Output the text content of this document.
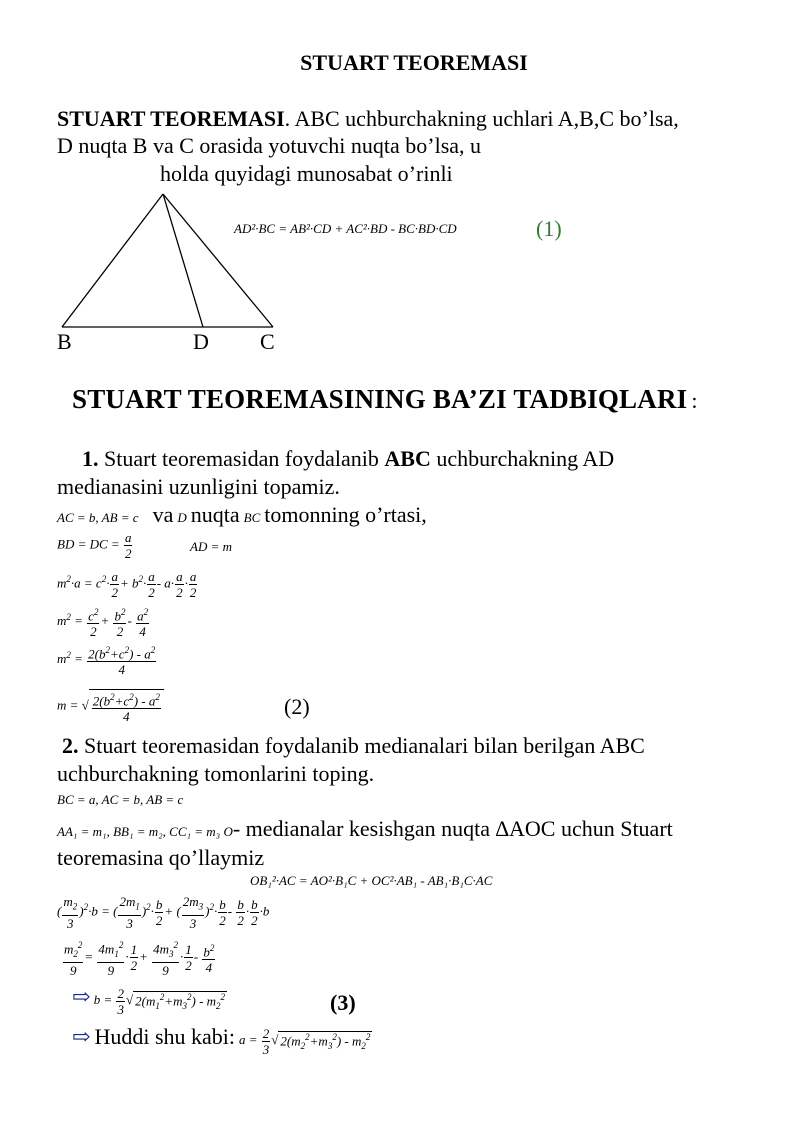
STUART TEOREMASI
STUART TEOREMASI. ABC uchburchakning uchlari A,B,C bo’lsa,
D nuqta B va C orasida yotuvchi nuqta bo’lsa, u
holda quyidagi munosabat o’rinli
B	D C
AD²·BC = AB²·CD + AC²·BD - BC·BD·CD	(1)
STUART TEOREMASINING BA’ZI TADBIQLARI :
1. Stuart teoremasidan foydalanib ABC uchburchakning AD
medianasini uzunligini topamiz.
AC = b, AB = c va D nuqta BC tomonning o’rtasi,
BD = DC = $\frac{a}{2}$	AD = m
$m^2\cdot a = c^2\cdot \frac{a}{2} + b^2\cdot \frac{a}{2} - a\cdot \frac{a}{2} \cdot \frac{a}{2}$
$m^2 = \frac{c^2}{2} + \frac{b^2}{2} - \frac{a^2}{4}$
$m^2 = \frac{2(b^2+c^2) - a^2}{4}$
m = √ $\frac{2(b^2+c^2) - a^2}{4}$	(2)
2. Stuart teoremasidan foydalanib medianalari bilan berilgan ABC
uchburchakning tomonlarini toping.
BC = a, AC = b, AB = c
AA₁ = m₁, BB₁ = m₂, CC₁ = m₃ O- medianalar kesishgan nuqta ∆AOC uchun Stuart
teoremasina qo’llaymiz
OB₁²·AC = AO²·B₁C + OC²·AB₁ - AB₁·B₁C·AC
( $\frac{m_2}{3} )^2\cdot b$ = ( $\frac{2m_1}{3} )^2\cdot \frac{b}{2}$ + ( $\frac{2m_3}{3} )^2\cdot \frac{b}{2} - \frac{b}{2} \cdot \frac{b}{2} \cdot b$
$\frac{m_2^2}{9} = \frac{4m_1^2}{9} \cdot \frac{1}{2} + \frac{4m_3^2}{9} \cdot \frac{1}{2} - \frac{b^2}{4}$
⇨ $b = \frac{2}{3}$ √ $2(m_1^2+m_3^2) - m_2^2$	(3)
⇨ Huddi shu kabi: $a = \frac{2}{3}$ √ $2(m_2^2+m_3^2) - m_2^2$
